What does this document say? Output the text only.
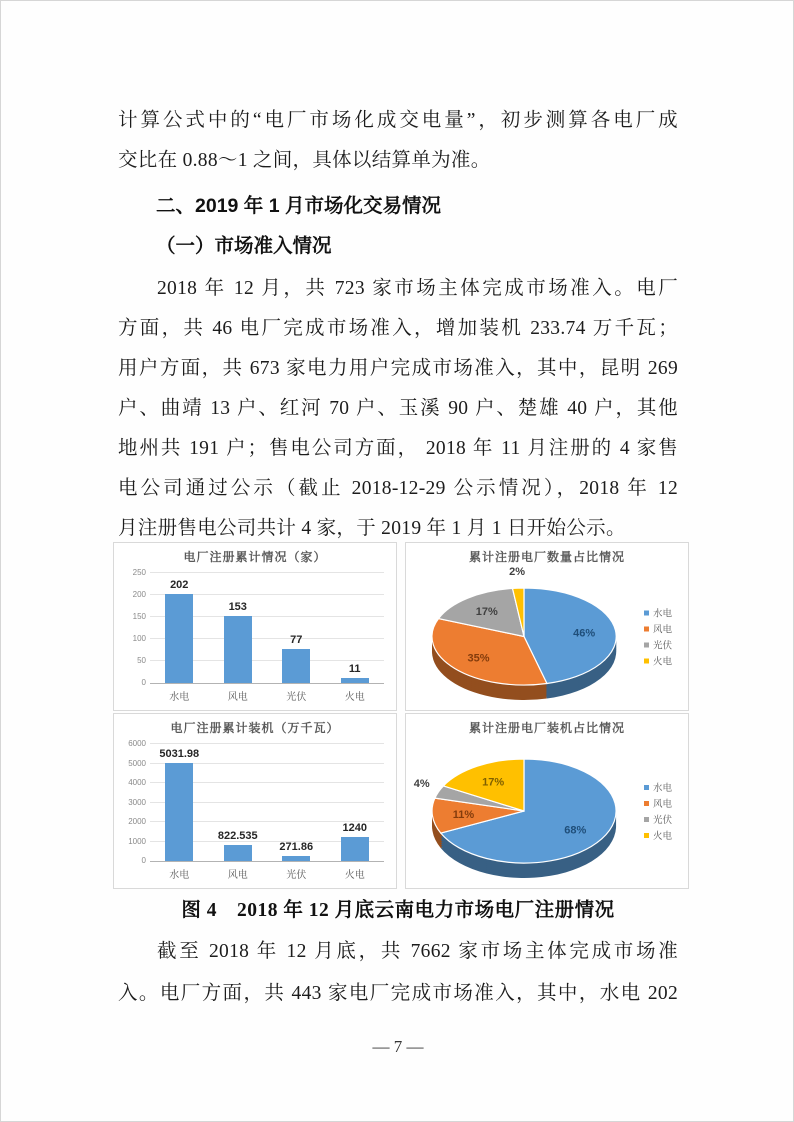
计算公式中的“电厂市场化成交电量”，初步测算各电厂成
交比在 0.88～1 之间，具体以结算单为准。
二、2019 年 1 月市场化交易情况
（一）市场准入情况
2018 年 12 月，共 723 家市场主体完成市场准入。电厂
方面，共 46 电厂完成市场准入，增加装机 233.74 万千瓦；
用户方面，共 673 家电力用户完成市场准入，其中，昆明 269
户、曲靖 13 户、红河 70 户、玉溪 90 户、楚雄 40 户，其他
地州共 191 户；售电公司方面， 2018 年 11 月注册的 4 家售
电公司通过公示（截止 2018-12-29 公示情况），2018 年 12
月注册售电公司共计 4 家，于 2019 年 1 月 1 日开始公示。
电厂注册累计情况（家）
0
50
100
150
200
250
202
水电
153
风电
77
光伏
11
火电
累计注册电厂数量占比情况
46%
35%
17%
2%
水电
风电
光伏
火电
电厂注册累计装机（万千瓦）
0
1000
2000
3000
4000
5000
6000
5031.98
水电
822.535
风电
271.86
光伏
1240
火电
累计注册电厂装机占比情况
68%
11%
4%	17%	水电
风电
光伏
火电
图 4　2018 年 12 月底云南电力市场电厂注册情况
截至 2018 年 12 月底，共 7662 家市场主体完成市场准
入。电厂方面，共 443 家电厂完成市场准入，其中，水电 202
— 7 —
